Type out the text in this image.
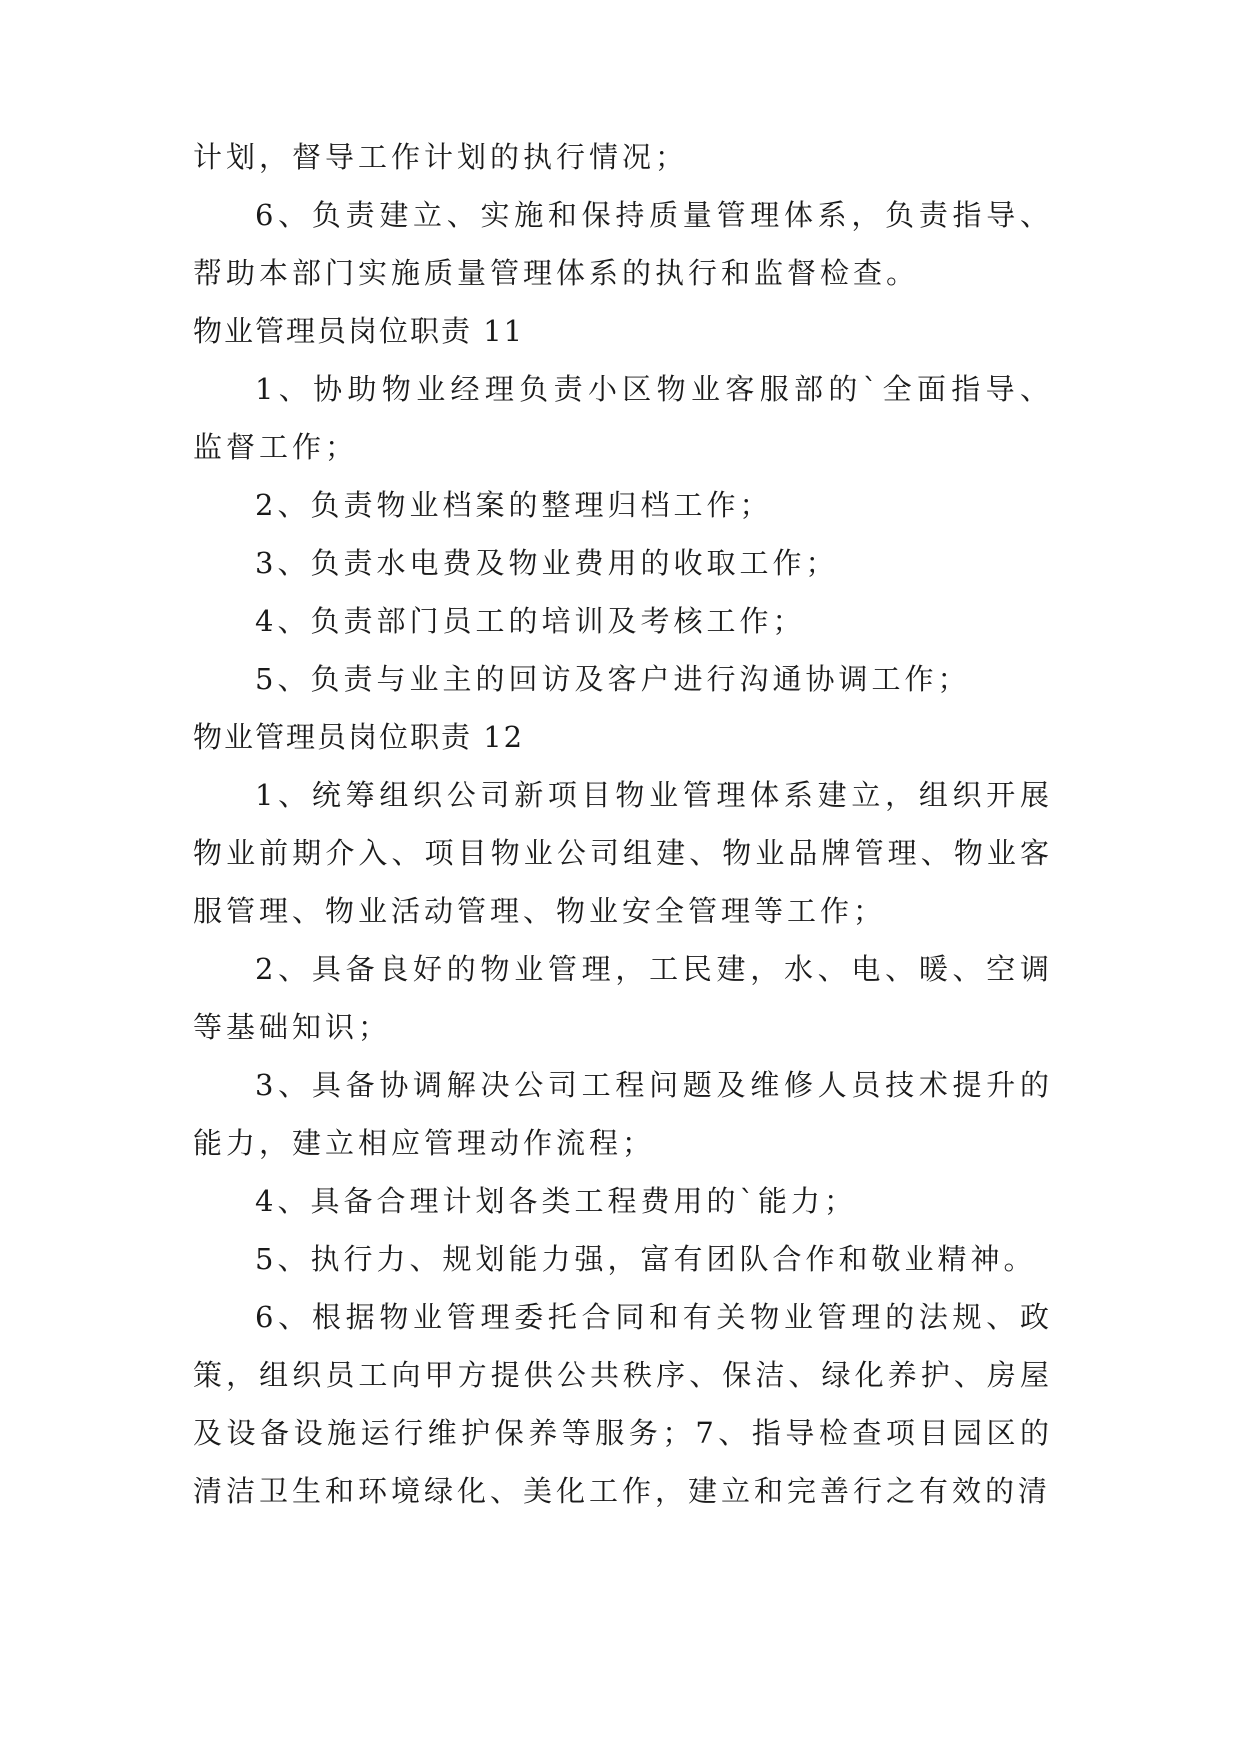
计划，督导工作计划的执行情况；

6、负责建立、实施和保持质量管理体系，负责指导、帮助本部门实施质量管理体系的执行和监督检查。

物业管理员岗位职责 11

1、协助物业经理负责小区物业客服部的`全面指导、监督工作；

2、负责物业档案的整理归档工作；

3、负责水电费及物业费用的收取工作；

4、负责部门员工的培训及考核工作；

5、负责与业主的回访及客户进行沟通协调工作；

物业管理员岗位职责 12

1、统筹组织公司新项目物业管理体系建立，组织开展物业前期介入、项目物业公司组建、物业品牌管理、物业客服管理、物业活动管理、物业安全管理等工作；

2、具备良好的物业管理，工民建，水、电、暖、空调等基础知识；

3、具备协调解决公司工程问题及维修人员技术提升的能力，建立相应管理动作流程；

4、具备合理计划各类工程费用的`能力；

5、执行力、规划能力强，富有团队合作和敬业精神。

6、根据物业管理委托合同和有关物业管理的法规、政策，组织员工向甲方提供公共秩序、保洁、绿化养护、房屋及设备设施运行维护保养等服务；7、指导检查项目园区的清洁卫生和环境绿化、美化工作，建立和完善行之有效的清
